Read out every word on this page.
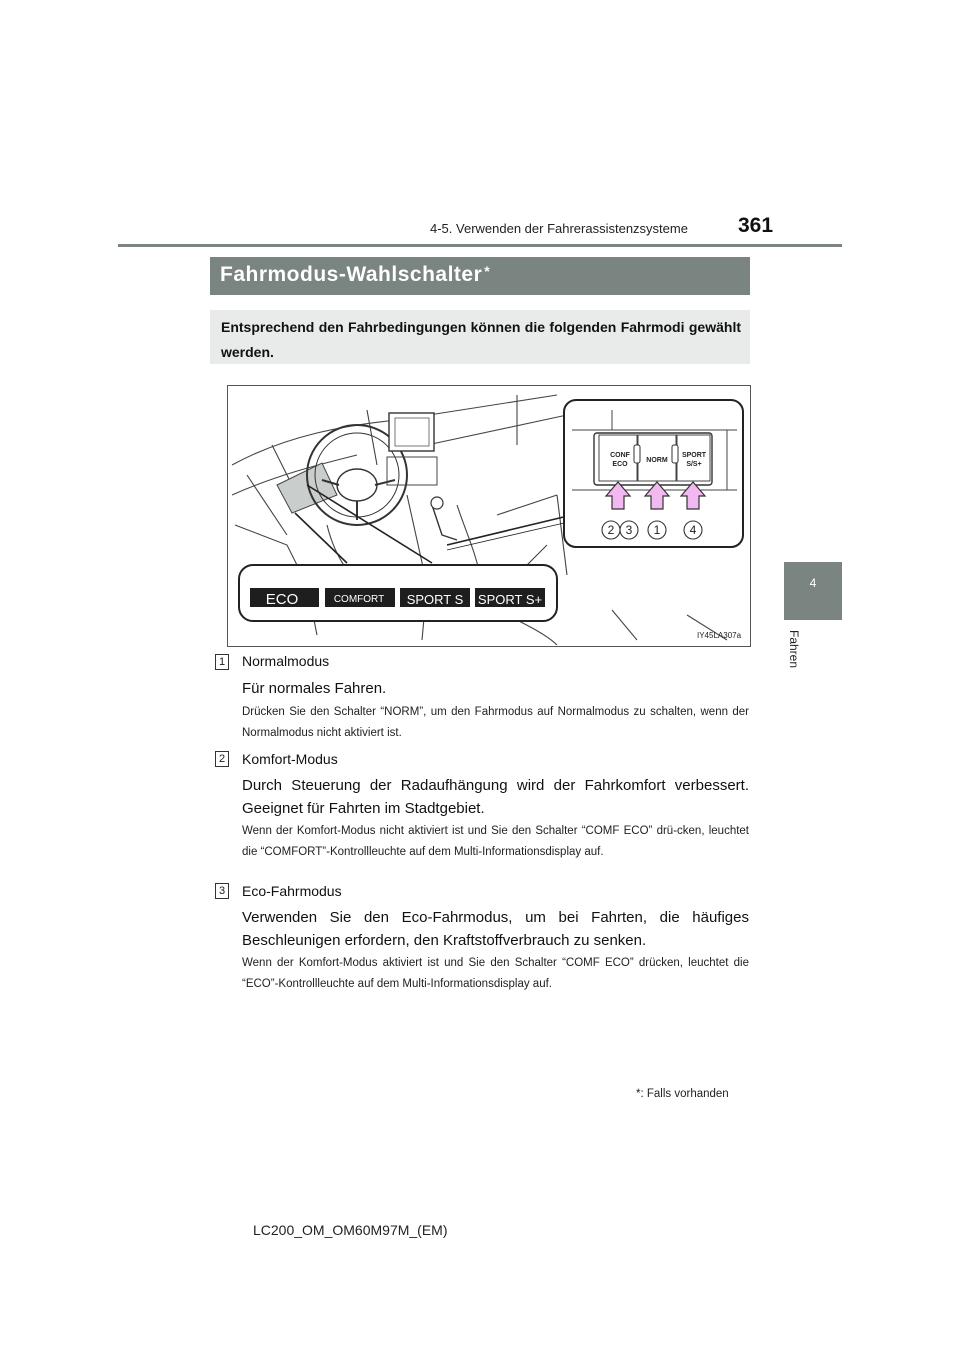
4-5. Verwenden der Fahrerassistenzsysteme 361
4
Fahren
Fahrmodus-Wahlschalter *
Entsprechend den Fahrbedingungen können die folgenden Fahrmodi gewählt werden.
CONF
ECO
NORM
SPORT
S/S+
2 3 1 4
ECO	COMFORT SPORT S SPORT S+
IY45LA307a
1 Normalmodus
Für normales Fahren.
Drücken Sie den Schalter “NORM”, um den Fahrmodus auf Normalmodus zu schalten, wenn der Normalmodus nicht aktiviert ist.
2 Komfort-Modus
Durch Steuerung der Radaufhängung wird der Fahrkomfort verbessert. Geeignet für Fahrten im Stadtgebiet.
Wenn der Komfort-Modus nicht aktiviert ist und Sie den Schalter “COMF ECO” drü-cken, leuchtet die “COMFORT”-Kontrollleuchte auf dem Multi-Informationsdisplay auf.
3 Eco-Fahrmodus
Verwenden Sie den Eco-Fahrmodus, um bei Fahrten, die häufiges Beschleunigen erfordern, den Kraftstoffverbrauch zu senken.
Wenn der Komfort-Modus aktiviert ist und Sie den Schalter “COMF ECO” drücken, leuchtet die “ECO”-Kontrollleuchte auf dem Multi-Informationsdisplay auf.
*: Falls vorhanden
LC200_OM_OM60M97M_(EM)
